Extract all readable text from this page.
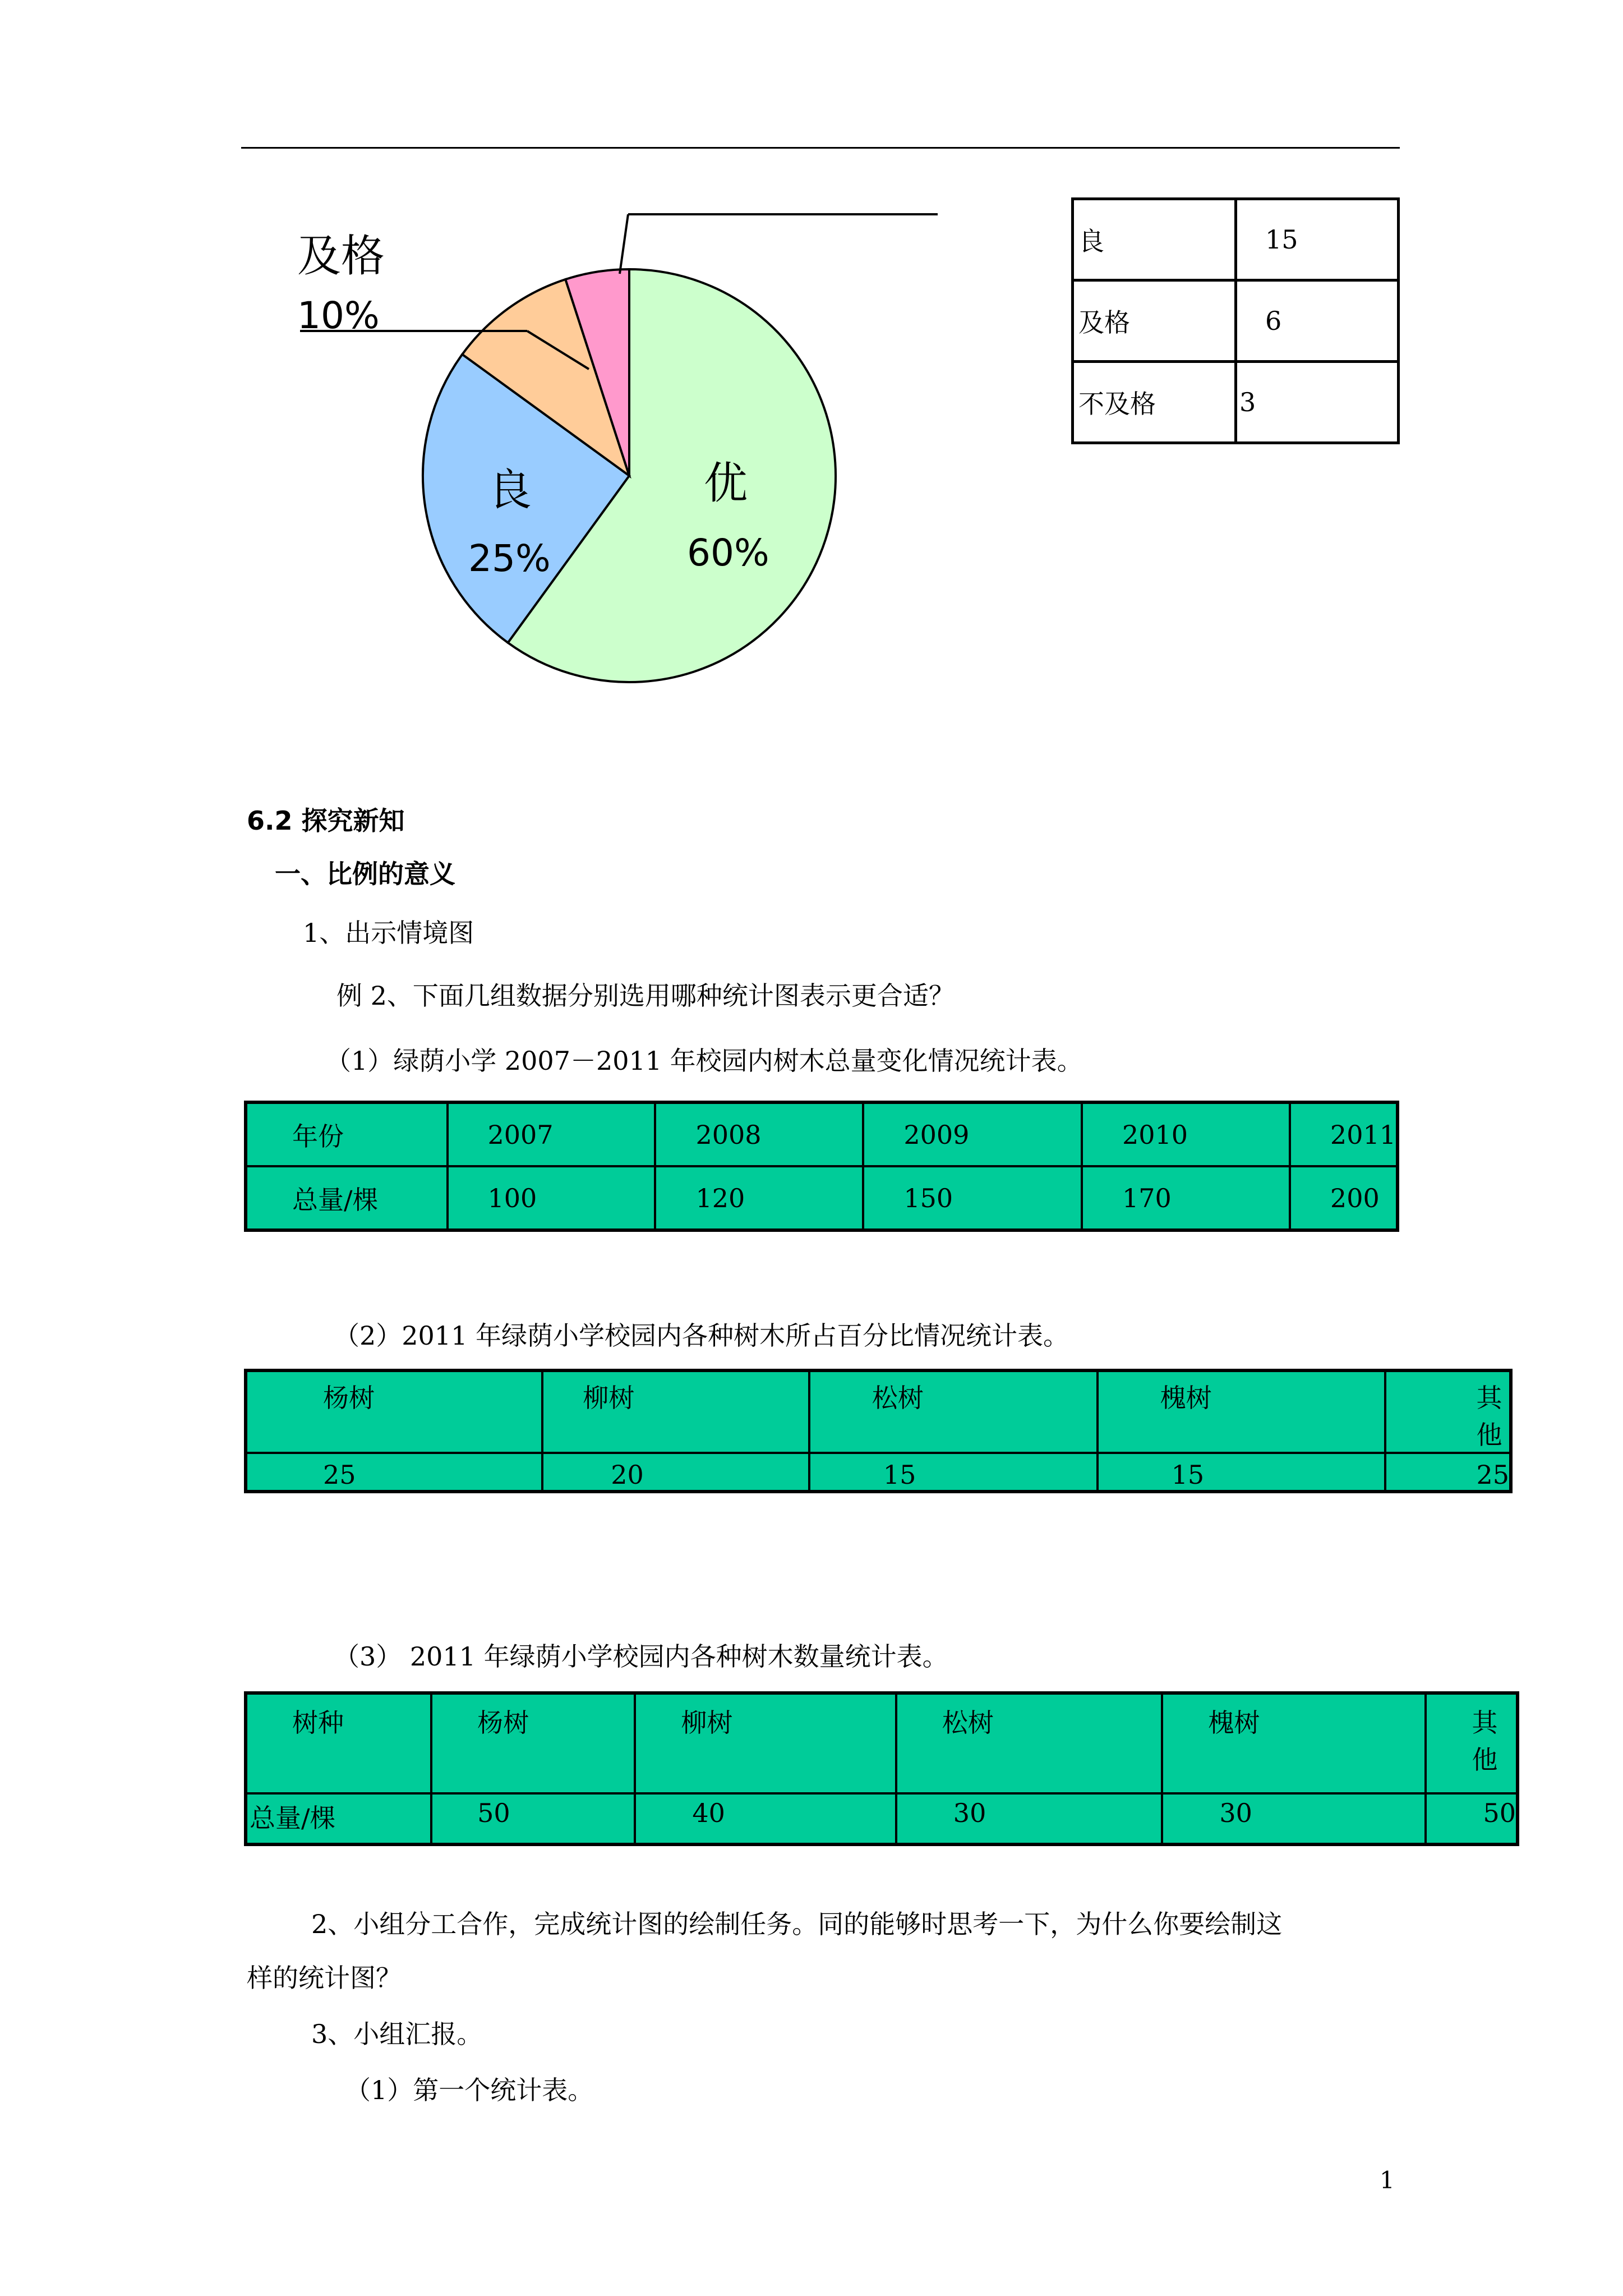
及格
10%
良
25%
优
60%
良	15
及格	6
不及格	3
6.2 探究新知
一、比例的意义
1、出示情境图
例 2、下面几组数据分别选用哪种统计图表示更合适？
（1）绿荫小学 2007－2011 年校园内树木总量变化情况统计表。
年份	2007	2008	2009	2010	2011
总量/棵	100	120	150	170	200
（2）2011 年绿荫小学校园内各种树木所占百分比情况统计表。
杨树	柳树	松树	槐树	其他
25	20	15	15	25
（3） 2011 年绿荫小学校园内各种树木数量统计表。
树种	杨树	柳树	松树	槐树	其他
总量/棵	50	40	30	30	50
2、小组分工合作，完成统计图的绘制任务。同的能够时思考一下，为什么你要绘制这
样的统计图？
3、小组汇报。
（1）第一个统计表。
1
